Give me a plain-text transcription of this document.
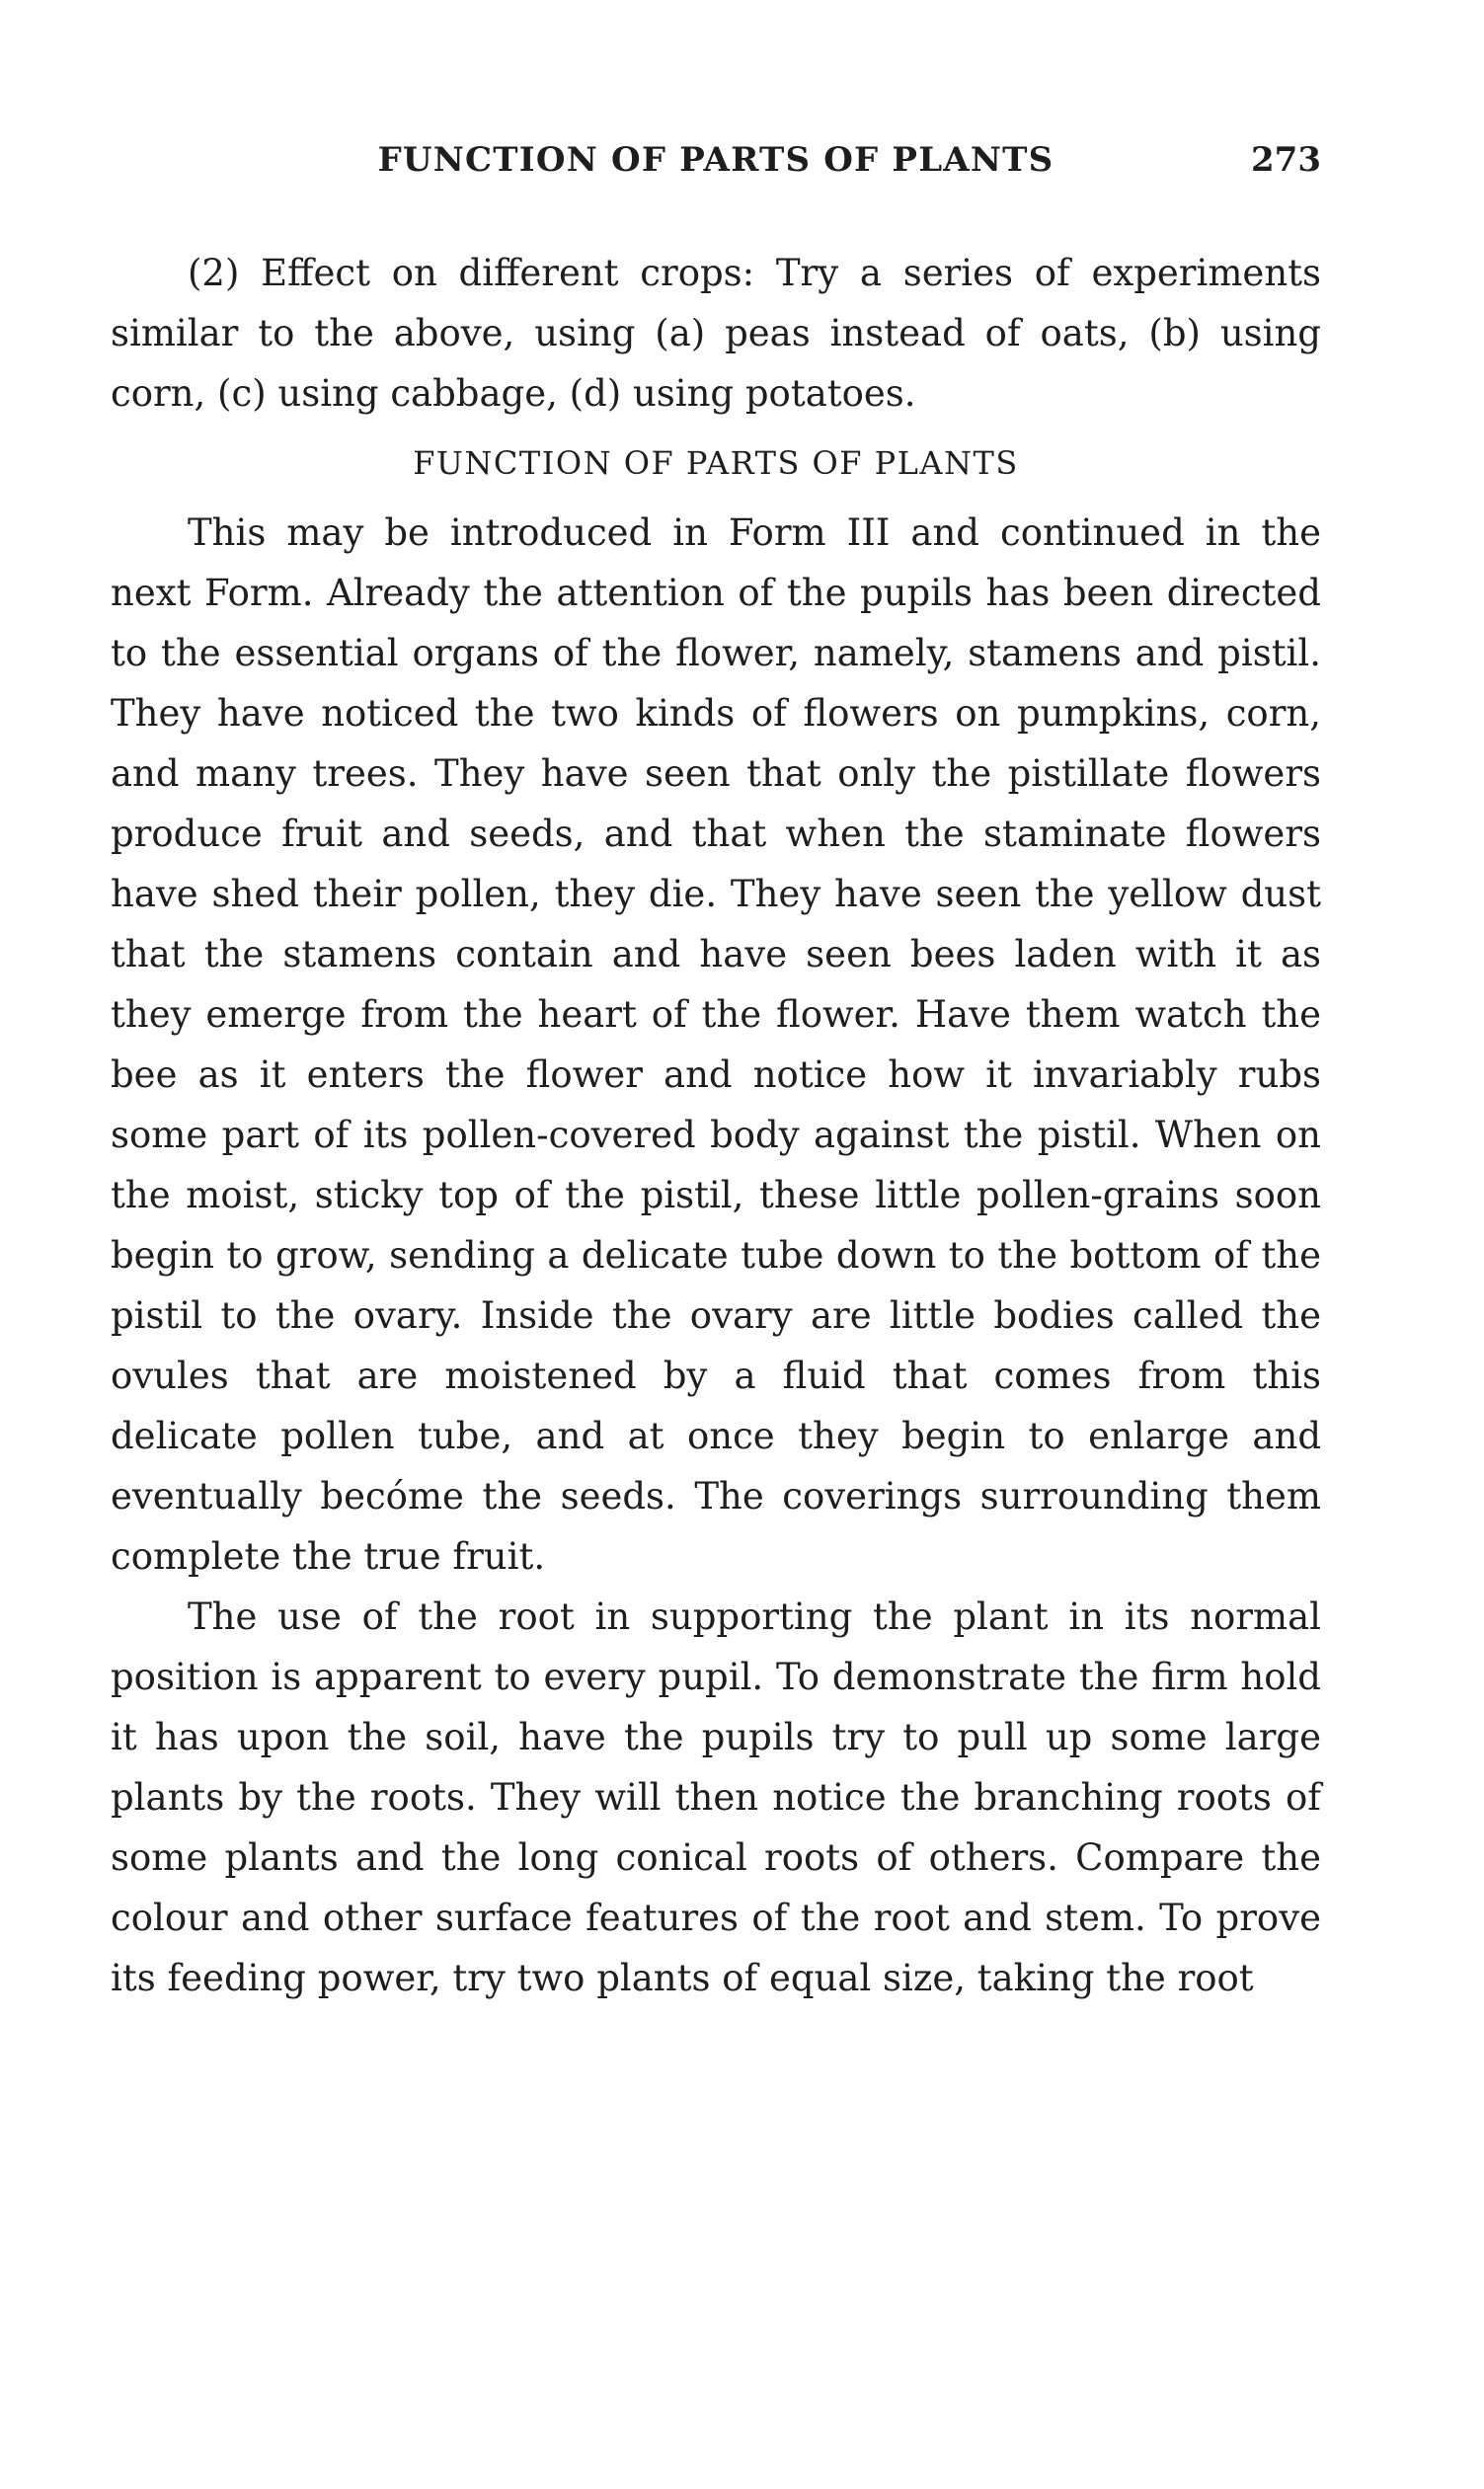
FUNCTION OF PARTS OF PLANTS	273

(2) Effect on different crops: Try a series of experiments similar to the above, using (a) peas instead of oats, (b) using corn, (c) using cabbage, (d) using potatoes.

FUNCTION OF PARTS OF PLANTS

This may be introduced in Form III and continued in the next Form. Already the attention of the pupils has been directed to the essential organs of the flower, namely, stamens and pistil. They have noticed the two kinds of flowers on pumpkins, corn, and many trees. They have seen that only the pistillate flowers produce fruit and seeds, and that when the staminate flowers have shed their pollen, they die. They have seen the yellow dust that the stamens contain and have seen bees laden with it as they emerge from the heart of the flower. Have them watch the bee as it enters the flower and notice how it invariably rubs some part of its pollen-covered body against the pistil. When on the moist, sticky top of the pistil, these little pollen-grains soon begin to grow, sending a delicate tube down to the bottom of the pistil to the ovary. Inside the ovary are little bodies called the ovules that are moistened by a fluid that comes from this delicate pollen tube, and at once they begin to enlarge and eventually becóme the seeds. The coverings surrounding them complete the true fruit.

The use of the root in supporting the plant in its normal position is apparent to every pupil. To demonstrate the firm hold it has upon the soil, have the pupils try to pull up some large plants by the roots. They will then notice the branching roots of some plants and the long conical roots of others. Compare the colour and other surface features of the root and stem. To prove its feeding power, try two plants of equal size, taking the root
